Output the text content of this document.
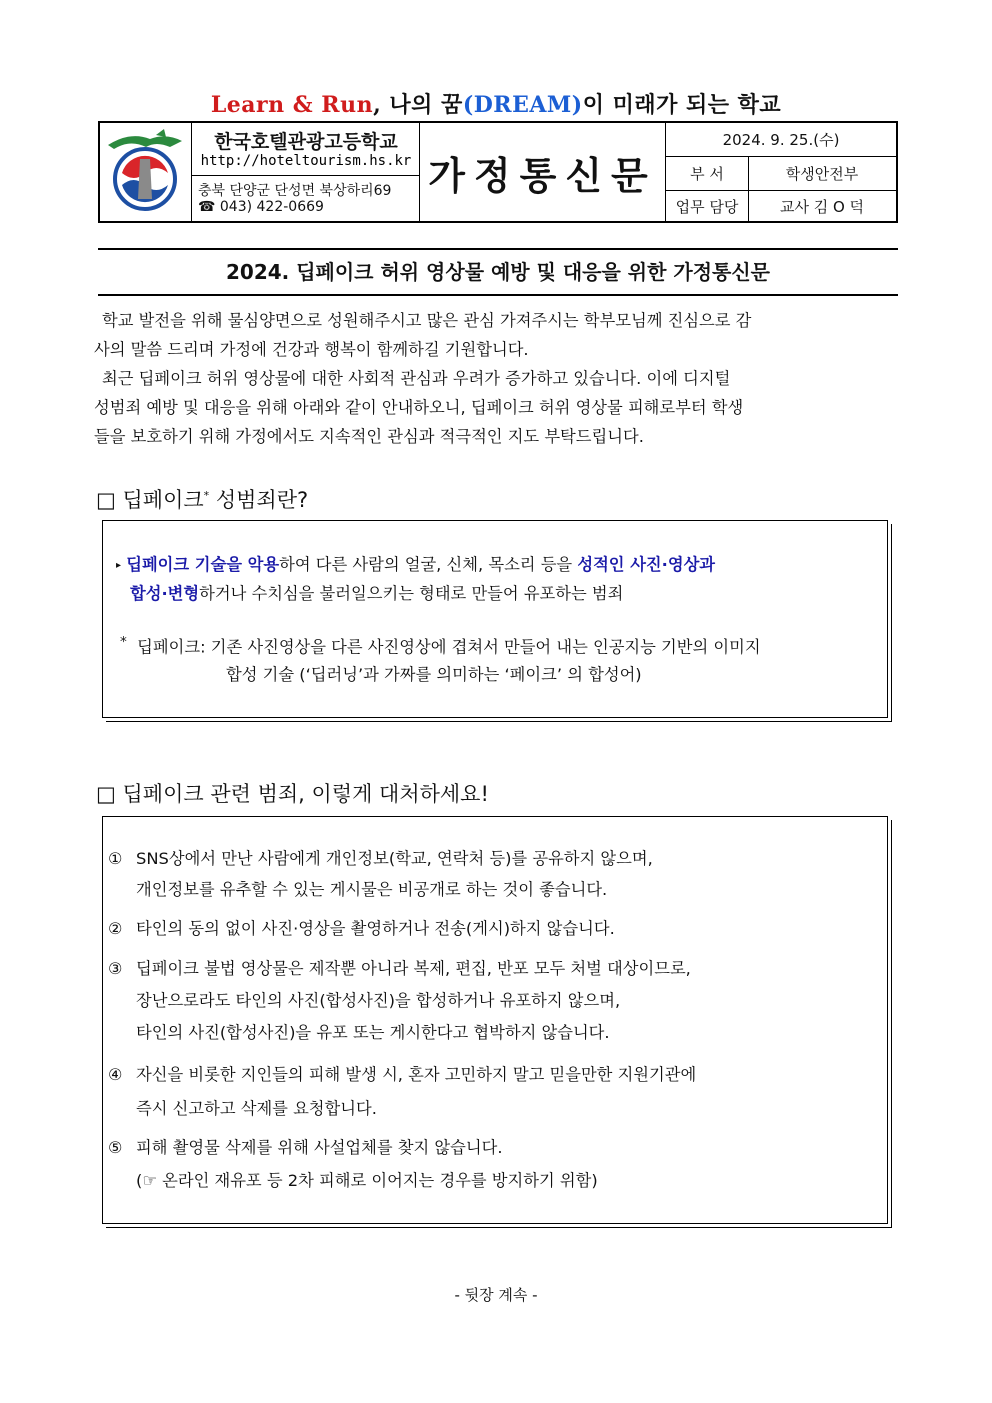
Learn & Run, 나의 꿈(DREAM)이 미래가 되는 학교
한국호텔관광고등학교
http://hoteltourism.hs.kr
충북 단양군 단성면 북상하리69
☎ 043) 422-0669
가정통신문
2024. 9. 25.(수)
부 서	학생안전부
업무 담당	교사 김 O 덕
2024. 딥페이크 허위 영상물 예방 및 대응을 위한 가정통신문

학교 발전을 위해 물심양면으로 성원해주시고 많은 관심 가져주시는 학부모님께 진심으로 감

사의 말씀 드리며 가정에 건강과 행복이 함께하길 기원합니다.

최근 딥페이크 허위 영상물에 대한 사회적 관심과 우려가 증가하고 있습니다. 이에 디지털

성범죄 예방 및 대응을 위해 아래와 같이 안내하오니, 딥페이크 허위 영상물 피해로부터 학생

들을 보호하기 위해 가정에서도 지속적인 관심과 적극적인 지도 부탁드립니다.

□ 딥페이크* 성범죄란?
▸ 딥페이크 기술을 악용하여 다른 사람의 얼굴, 신체, 목소리 등을 성적인 사진·영상과
합성·변형하거나 수치심을 불러일으키는 형태로 만들어 유포하는 범죄
* 딥페이크: 기존 사진영상을 다른 사진영상에 겹쳐서 만들어 내는 인공지능 기반의 이미지
합성 기술 (‘딥러닝’과 가짜를 의미하는 ‘페이크’ 의 합성어)
□ 딥페이크 관련 범죄, 이렇게 대처하세요!
① SNS상에서 만난 사람에게 개인정보(학교, 연락처 등)를 공유하지 않으며,
개인정보를 유추할 수 있는 게시물은 비공개로 하는 것이 좋습니다.
② 타인의 동의 없이 사진·영상을 촬영하거나 전송(게시)하지 않습니다.
③ 딥페이크 불법 영상물은 제작뿐 아니라 복제, 편집, 반포 모두 처벌 대상이므로,
장난으로라도 타인의 사진(합성사진)을 합성하거나 유포하지 않으며,
타인의 사진(합성사진)을 유포 또는 게시한다고 협박하지 않습니다.
④ 자신을 비롯한 지인들의 피해 발생 시, 혼자 고민하지 말고 믿을만한 지원기관에
즉시 신고하고 삭제를 요청합니다.
⑤ 피해 촬영물 삭제를 위해 사설업체를 찾지 않습니다.
(☞ 온라인 재유포 등 2차 피해로 이어지는 경우를 방지하기 위함)
- 뒷장 계속 -
